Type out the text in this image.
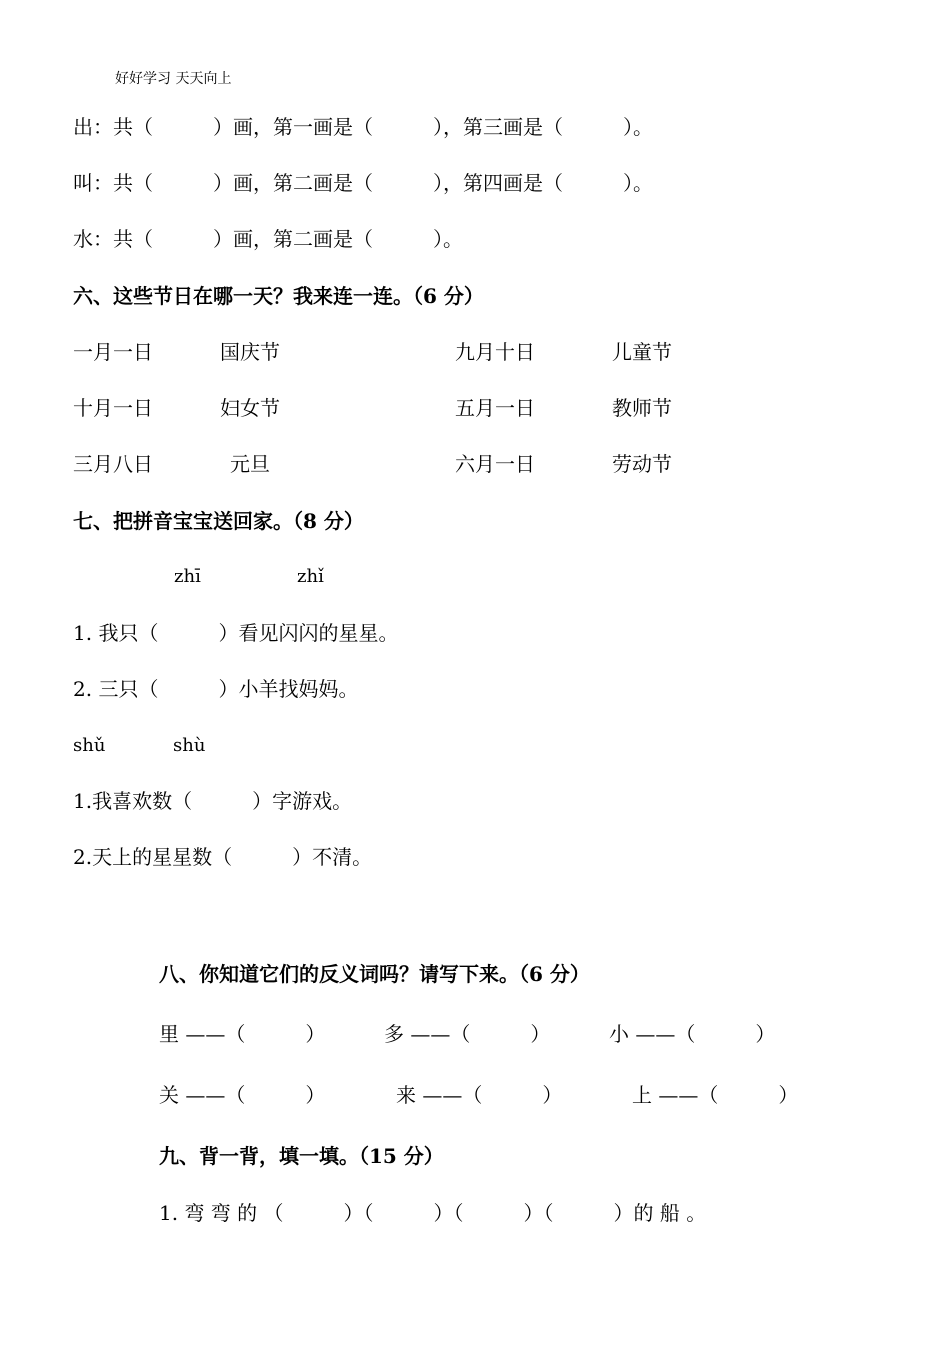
好好学习 天天向上
出：共（　　　）画，第一画是（　　　），第三画是（　　　）。
叫：共（　　　）画，第二画是（　　　），第四画是（　　　）。
水：共（　　　）画，第二画是（　　　）。
六、这些节日在哪一天？我来连一连。（6 分）
一月一日	国庆节	九月十日	儿童节
十月一日	妇女节	五月一日	教师节
三月八日	元旦	六月一日	劳动节
七、把拼音宝宝送回家。（8 分）
zhī	zhǐ
1. 我只（　　　）看见闪闪的星星。
2. 三只（　　　）小羊找妈妈。
shǔ	shù
1.我喜欢数（　　　）字游戏。
2.天上的星星数（　　　）不清。
八、你知道它们的反义词吗？请写下来。（6 分）
里 ——（　　　）	多 ——（　　　）	小 ——（　　　）
关 ——（　　　）	来 ——（　　　）	上 ——（　　　）
九、背一背，填一填。（15 分）
1. 弯 弯 的 （　　　）（　　　）（　　　）（　　　）的 船 。
